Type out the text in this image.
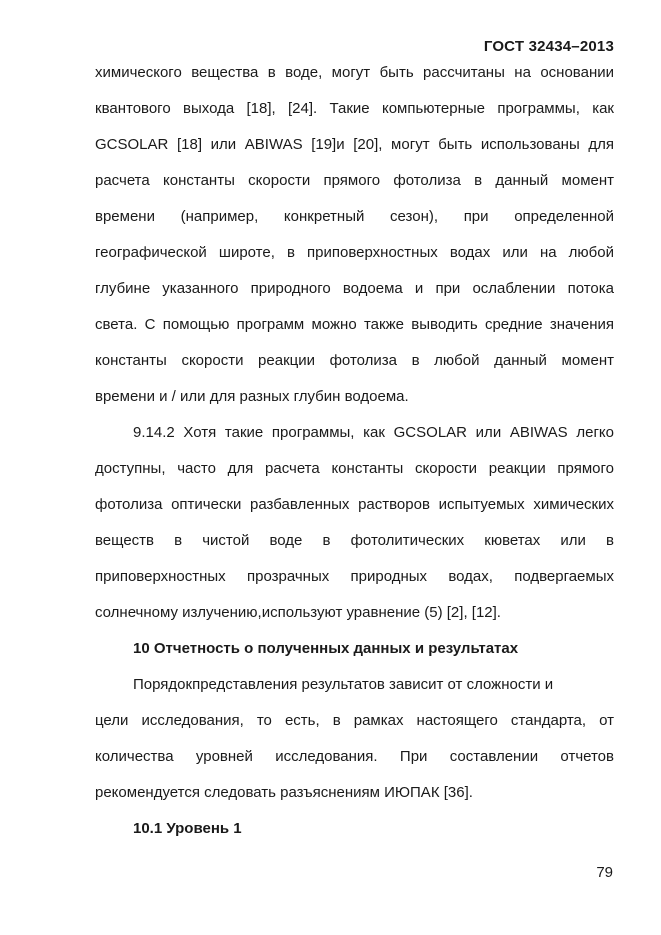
ГОСТ 32434–2013
химического вещества в воде, могут быть рассчитаны на основании
квантового выхода [18], [24]. Такие компьютерные программы, как
GCSOLAR [18] или ABIWAS [19]и [20], могут быть использованы для
расчета константы скорости прямого фотолиза в данный момент
времени (например, конкретный сезон), при определенной
географической широте, в приповерхностных водах или на любой
глубине указанного природного водоема и при ослаблении потока
света. С помощью программ можно также выводить средние значения
константы скорости реакции фотолиза в любой данный момент
времени и / или для разных глубин водоема.
9.14.2 Хотя такие программы, как GCSOLAR или ABIWAS легко
доступны, часто для расчета константы скорости реакции прямого
фотолиза оптически разбавленных растворов испытуемых химических
веществ в чистой воде в фотолитических кюветах или в
приповерхностных прозрачных природных водах, подвергаемых
солнечному излучению,используют уравнение (5) [2], [12].
10 Отчетность о полученных данных и результатах
Порядокпредставления результатов зависит от сложности и
цели исследования, то есть, в рамках настоящего стандарта, от
количества уровней исследования. При составлении отчетов
рекомендуется следовать разъяснениям ИЮПАК [36].
10.1 Уровень 1
79
